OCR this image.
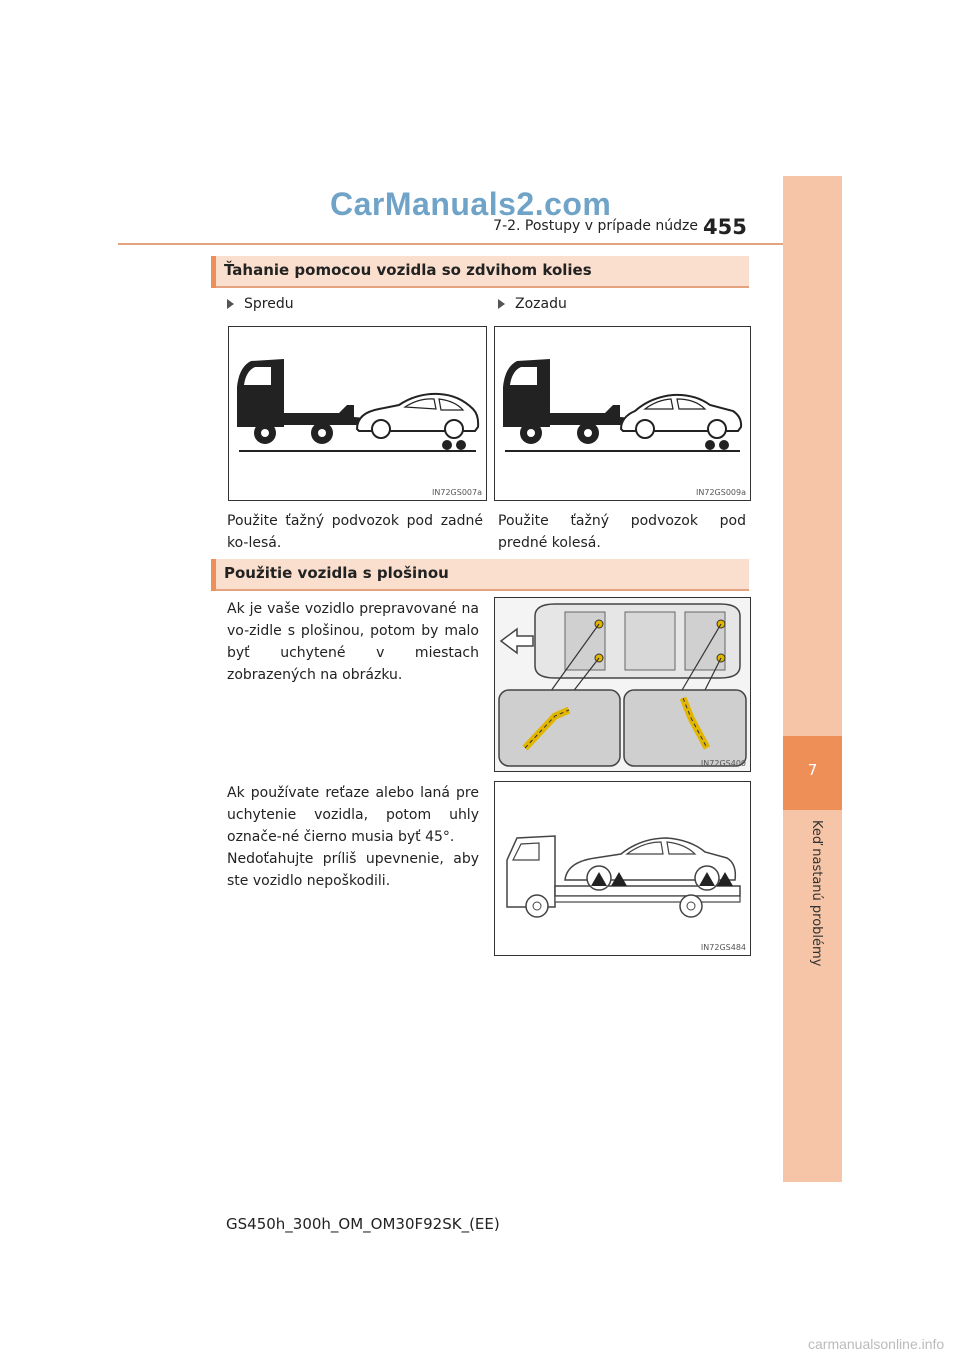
CarManuals2.com
7-2. Postupy v prípade núdze 455
7
Keď nastanú problémy
Ťahanie pomocou vozidla so zdvihom kolies
Spredu	Zozadu
IN72GS007a	IN72GS009a
Použite ťažný podvozok pod zadné ko-lesá.
Použite ťažný podvozok pod predné kolesá.
Použitie vozidla s plošinou
Ak je vaše vozidlo prepravované na vo-zidle s plošinou, potom by malo byť uchytené v miestach zobrazených na obrázku.
IN72GS400
Ak používate reťaze alebo laná pre uchytenie vozidla, potom uhly označe-né čierno musia byť 45°.
Nedoťahujte príliš upevnenie, aby ste vozidlo nepoškodili.
IN72GS484
GS450h_300h_OM_OM30F92SK_(EE)
carmanualsonline.info
